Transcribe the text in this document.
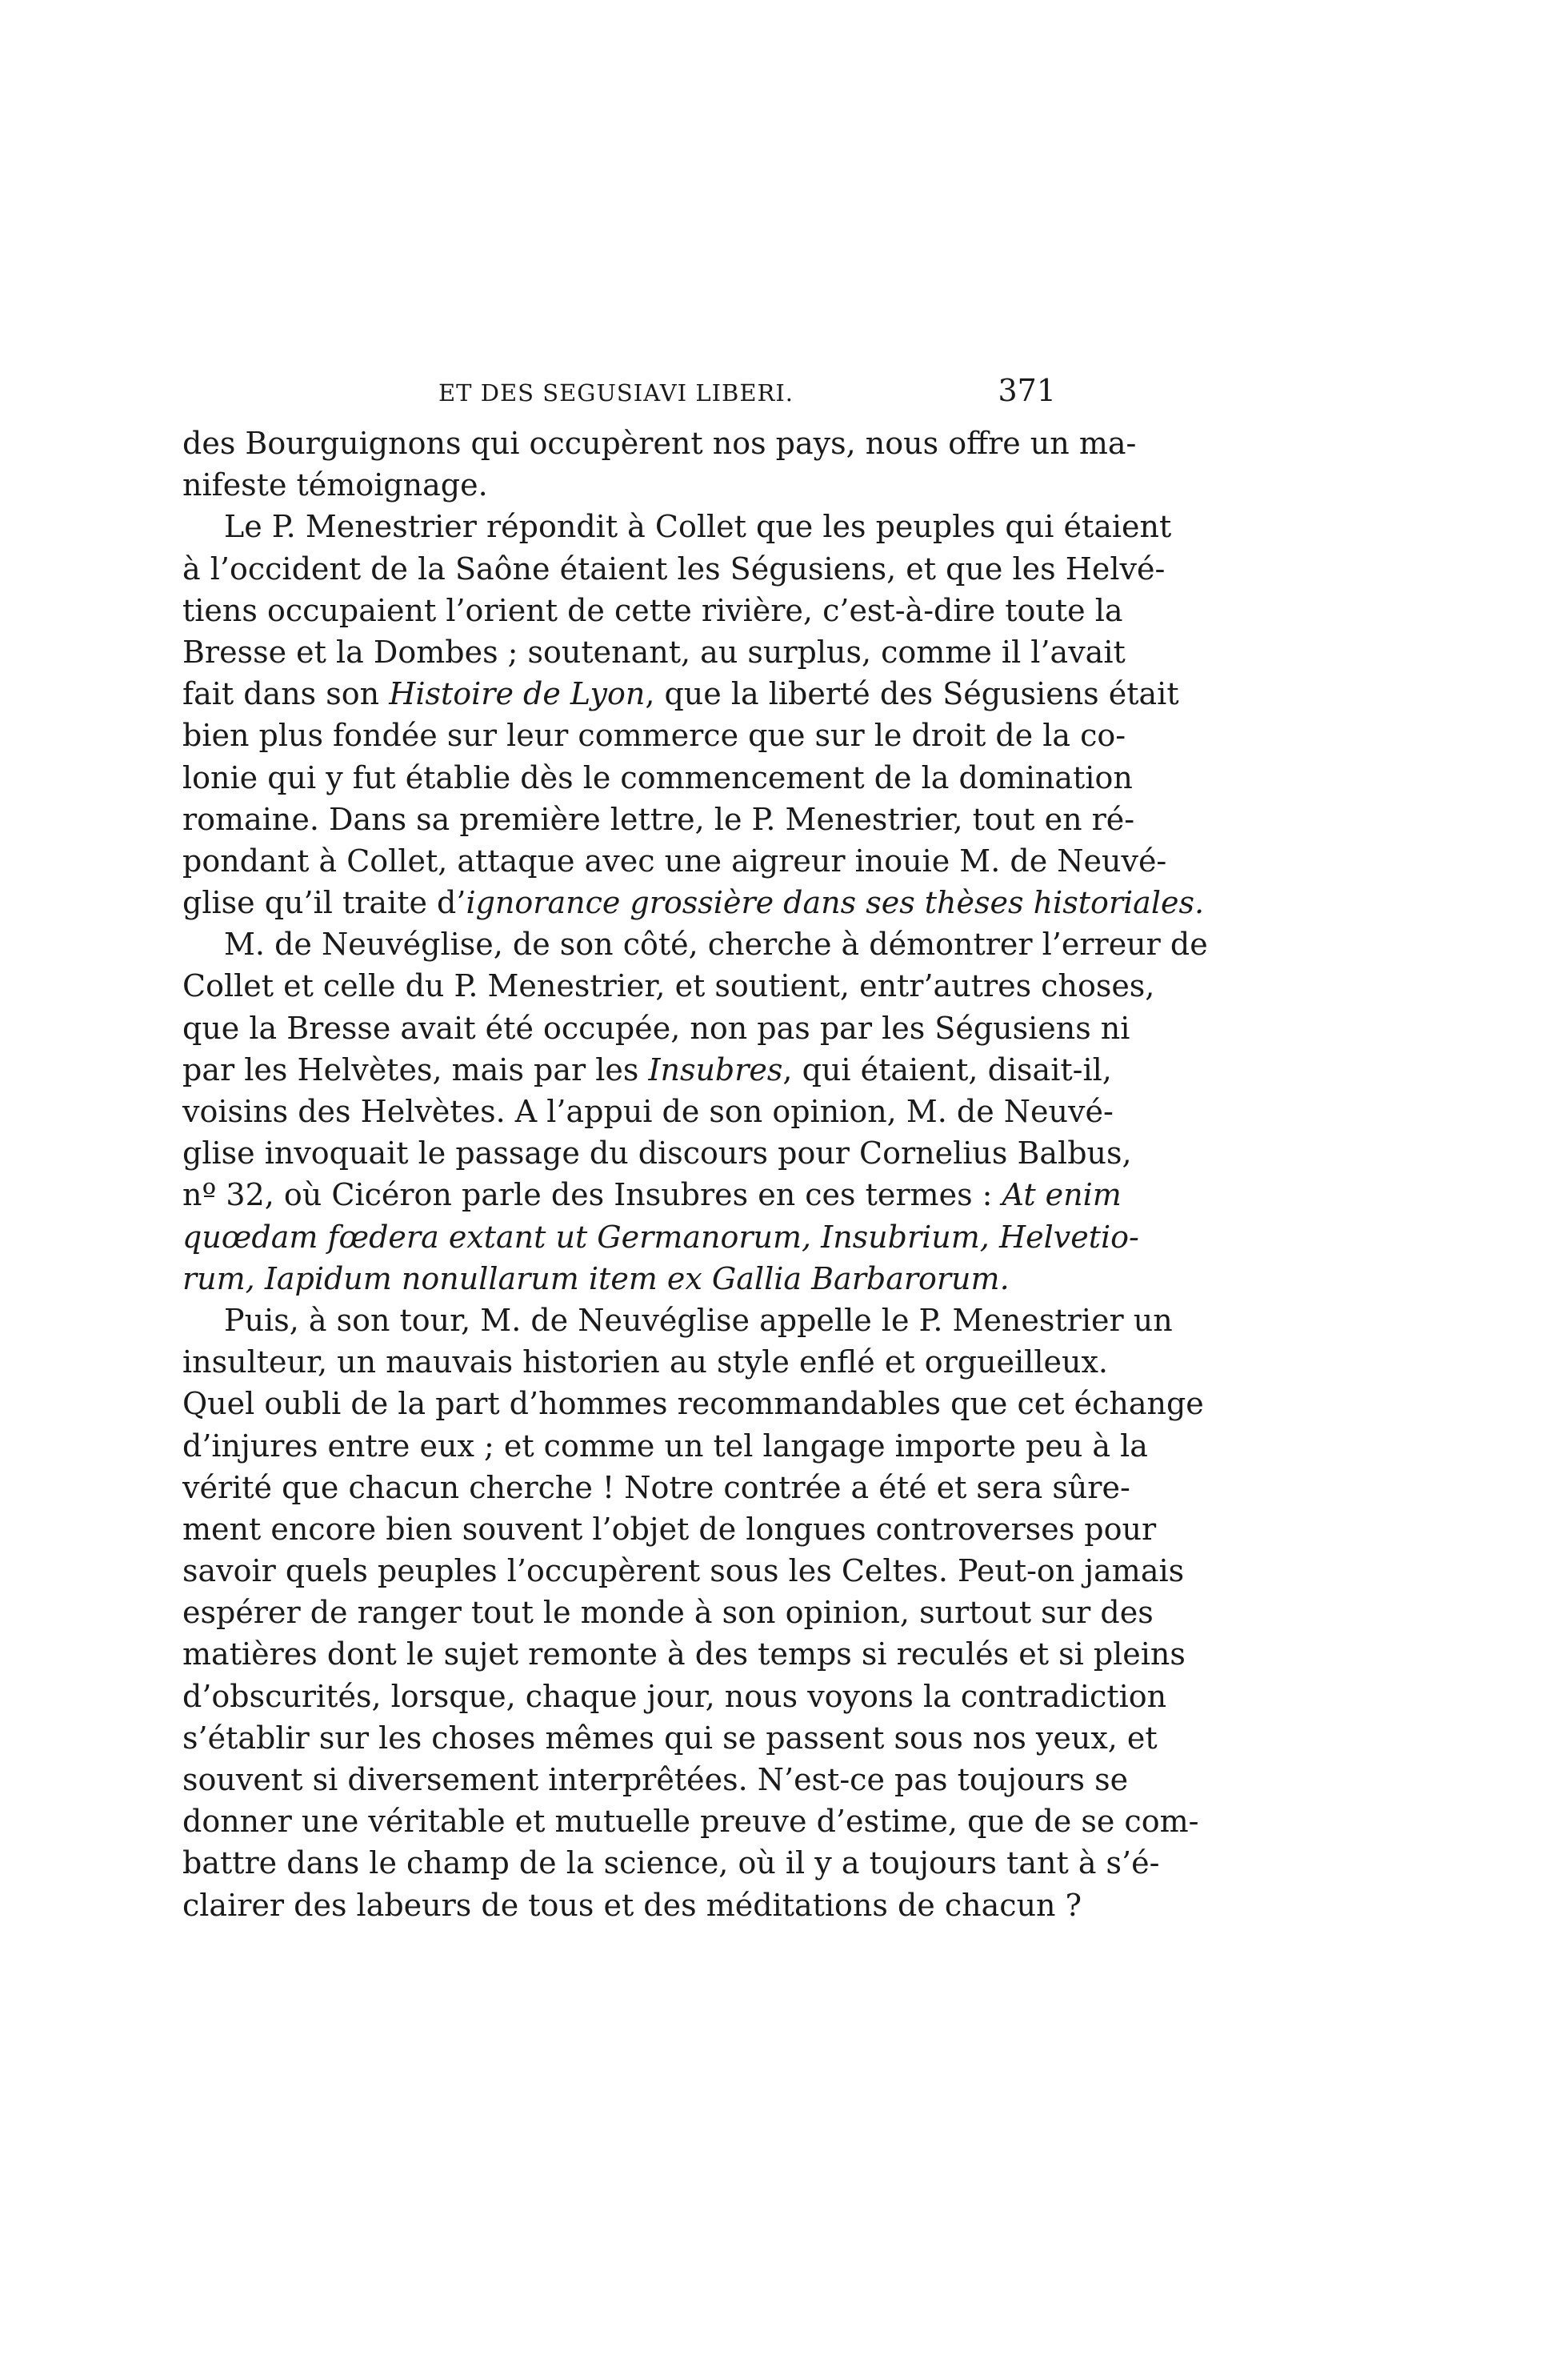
ET DES SEGUSIAVI LIBERI.	371
des Bourguignons qui occupèrent nos pays, nous offre un ma-
nifeste témoignage.
Le P. Menestrier répondit à Collet que les peuples qui étaient
à l’occident de la Saône étaient les Ségusiens, et que les Helvé-
tiens occupaient l’orient de cette rivière, c’est-à-dire toute la
Bresse et la Dombes ; soutenant, au surplus, comme il l’avait
fait dans son Histoire de Lyon, que la liberté des Ségusiens était
bien plus fondée sur leur commerce que sur le droit de la co-
lonie qui y fut établie dès le commencement de la domination
romaine. Dans sa première lettre, le P. Menestrier, tout en ré-
pondant à Collet, attaque avec une aigreur inouie M. de Neuvé-
glise qu’il traite d’ignorance grossière dans ses thèses historiales.
M. de Neuvéglise, de son côté, cherche à démontrer l’erreur de
Collet et celle du P. Menestrier, et soutient, entr’autres choses,
que la Bresse avait été occupée, non pas par les Ségusiens ni
par les Helvètes, mais par les Insubres, qui étaient, disait-il,
voisins des Helvètes. A l’appui de son opinion, M. de Neuvé-
glise invoquait le passage du discours pour Cornelius Balbus,
nº 32, où Cicéron parle des Insubres en ces termes : At enim
quœdam fœdera extant ut Germanorum, Insubrium, Helvetio-
rum, Iapidum nonullarum item ex Gallia Barbarorum.
Puis, à son tour, M. de Neuvéglise appelle le P. Menestrier un
insulteur, un mauvais historien au style enflé et orgueilleux.
Quel oubli de la part d’hommes recommandables que cet échange
d’injures entre eux ; et comme un tel langage importe peu à la
vérité que chacun cherche ! Notre contrée a été et sera sûre-
ment encore bien souvent l’objet de longues controverses pour
savoir quels peuples l’occupèrent sous les Celtes. Peut-on jamais
espérer de ranger tout le monde à son opinion, surtout sur des
matières dont le sujet remonte à des temps si reculés et si pleins
d’obscurités, lorsque, chaque jour, nous voyons la contradiction
s’établir sur les choses mêmes qui se passent sous nos yeux, et
souvent si diversement interprêtées. N’est-ce pas toujours se
donner une véritable et mutuelle preuve d’estime, que de se com-
battre dans le champ de la science, où il y a toujours tant à s’é-
clairer des labeurs de tous et des méditations de chacun ?
